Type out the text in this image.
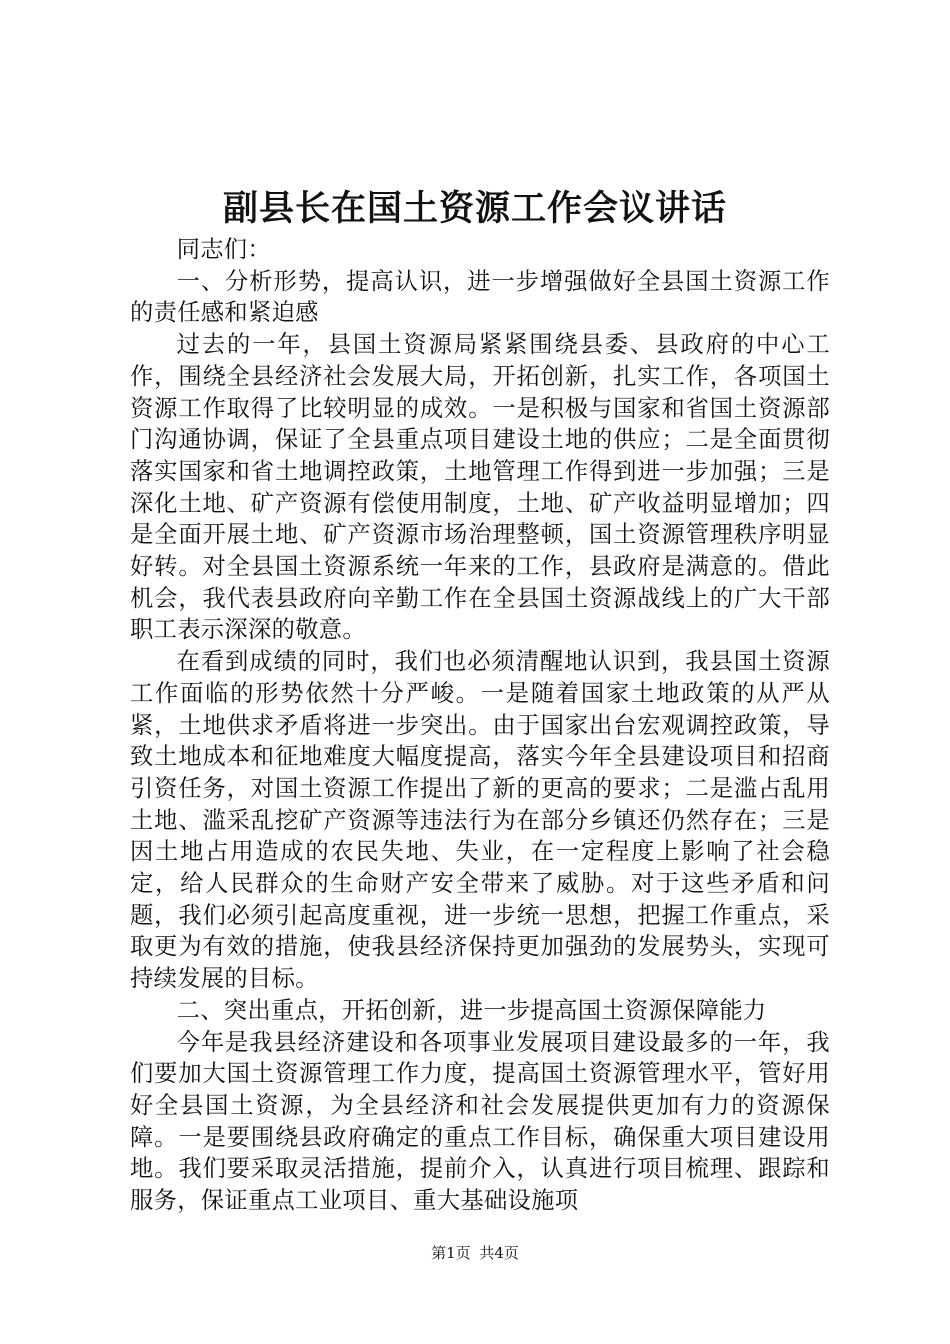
副县长在国土资源工作会议讲话

同志们：

一、分析形势，提高认识，进一步增强做好全县国土资源工作的责任感和紧迫感

过去的一年，县国土资源局紧紧围绕县委、县政府的中心工作，围绕全县经济社会发展大局，开拓创新，扎实工作，各项国土资源工作取得了比较明显的成效。一是积极与国家和省国土资源部门沟通协调，保证了全县重点项目建设土地的供应；二是全面贯彻落实国家和省土地调控政策，土地管理工作得到进一步加强；三是深化土地、矿产资源有偿使用制度，土地、矿产收益明显增加；四是全面开展土地、矿产资源市场治理整顿，国土资源管理秩序明显好转。对全县国土资源系统一年来的工作，县政府是满意的。借此机会，我代表县政府向辛勤工作在全县国土资源战线上的广大干部职工表示深深的敬意。

在看到成绩的同时，我们也必须清醒地认识到，我县国土资源工作面临的形势依然十分严峻。一是随着国家土地政策的从严从紧，土地供求矛盾将进一步突出。由于国家出台宏观调控政策，导致土地成本和征地难度大幅度提高，落实今年全县建设项目和招商引资任务，对国土资源工作提出了新的更高的要求；二是滥占乱用土地、滥采乱挖矿产资源等违法行为在部分乡镇还仍然存在；三是因土地占用造成的农民失地、失业，在一定程度上影响了社会稳定，给人民群众的生命财产安全带来了威胁。对于这些矛盾和问题，我们必须引起高度重视，进一步统一思想，把握工作重点，采取更为有效的措施，使我县经济保持更加强劲的发展势头，实现可持续发展的目标。

二、突出重点，开拓创新，进一步提高国土资源保障能力

今年是我县经济建设和各项事业发展项目建设最多的一年，我们要加大国土资源管理工作力度，提高国土资源管理水平，管好用好全县国土资源，为全县经济和社会发展提供更加有力的资源保障。一是要围绕县政府确定的重点工作目标，确保重大项目建设用地。我们要采取灵活措施，提前介入，认真进行项目梳理、跟踪和服务，保证重点工业项目、重大基础设施项

第1页 共4页
